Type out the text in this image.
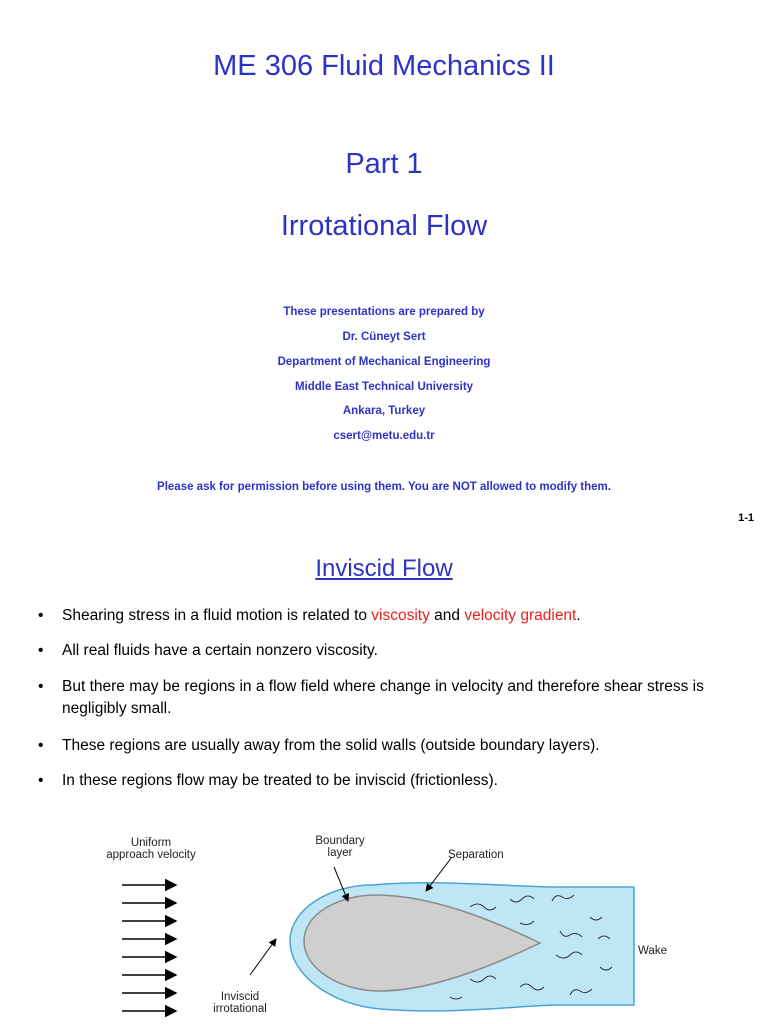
ME 306 Fluid Mechanics II
Part 1
Irrotational Flow
These presentations are prepared by
Dr. Cüneyt Sert
Department of Mechanical Engineering
Middle East Technical University
Ankara, Turkey
csert@metu.edu.tr
Please ask for permission before using them. You are NOT allowed to modify them.
1-1
Inviscid Flow
• Shearing stress in a fluid motion is related to viscosity and velocity gradient.
• All real fluids have a certain nonzero viscosity.
• But there may be regions in a flow field where change in velocity and therefore shear stress is negligibly small.
• These regions are usually away from the solid walls (outside boundary layers).
• In these regions flow may be treated to be inviscid (frictionless).
Uniform
approach velocity
Boundary
layer	Separation
Wake
Inviscid
irrotational
